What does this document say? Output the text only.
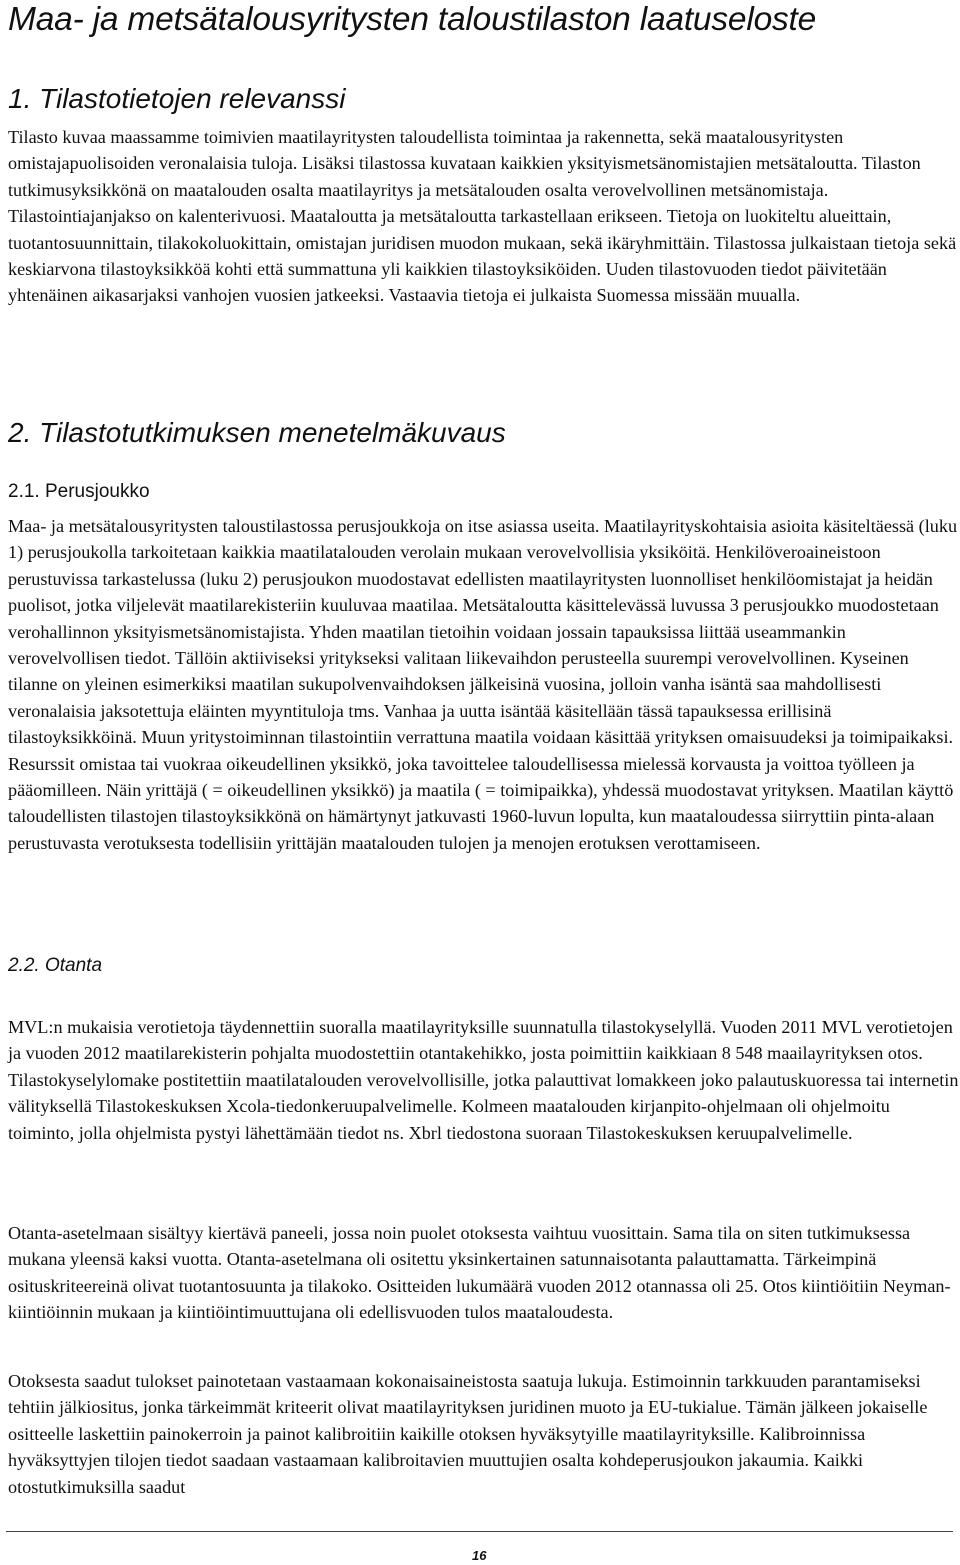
Maa- ja metsätalousyritysten taloustilaston laatuseloste
1. Tilastotietojen relevanssi

Tilasto kuvaa maassamme toimivien maatilayritysten taloudellista toimintaa ja rakennetta, sekä maatalousyritysten omistajapuolisoiden veronalaisia tuloja. Lisäksi tilastossa kuvataan kaikkien yksityismetsänomistajien metsätaloutta. Tilaston tutkimusyksikkönä on maatalouden osalta maatilayritys ja metsätalouden osalta verovelvollinen metsänomistaja. Tilastointiajanjakso on kalenterivuosi. Maataloutta ja metsätaloutta tarkastellaan erikseen. Tietoja on luokiteltu alueittain, tuotantosuunnittain, tilakokoluokittain, omistajan juridisen muodon mukaan, sekä ikäryhmittäin. Tilastossa julkaistaan tietoja sekä keskiarvona tilastoyksikköä kohti että summattuna yli kaikkien tilastoyksiköiden. Uuden tilastovuoden tiedot päivitetään yhtenäinen aikasarjaksi vanhojen vuosien jatkeeksi. Vastaavia tietoja ei julkaista Suomessa missään muualla.

2. Tilastotutkimuksen menetelmäkuvaus
2.1. Perusjoukko

Maa- ja metsätalousyritysten taloustilastossa perusjoukkoja on itse asiassa useita. Maatilayrityskohtaisia asioita käsiteltäessä (luku 1) perusjoukolla tarkoitetaan kaikkia maatilatalouden verolain mukaan verovelvollisia yksiköitä. Henkilöveroaineistoon perustuvissa tarkastelussa (luku 2) perusjoukon muodostavat edellisten maatilayritysten luonnolliset henkilöomistajat ja heidän puolisot, jotka viljelevät maatilarekisteriin kuuluvaa maatilaa. Metsätaloutta käsittelevässä luvussa 3 perusjoukko muodostetaan verohallinnon yksityismetsänomistajista. Yhden maatilan tietoihin voidaan jossain tapauksissa liittää useammankin verovelvollisen tiedot. Tällöin aktiiviseksi yritykseksi valitaan liikevaihdon perusteella suurempi verovelvollinen. Kyseinen tilanne on yleinen esimerkiksi maatilan sukupolvenvaihdoksen jälkeisinä vuosina, jolloin vanha isäntä saa mahdollisesti veronalaisia jaksotettuja eläinten myyntituloja tms. Vanhaa ja uutta isäntää käsitellään tässä tapauksessa erillisinä tilastoyksikköinä. Muun yritystoiminnan tilastointiin verrattuna maatila voidaan käsittää yrityksen omaisuudeksi ja toimipaikaksi. Resurssit omistaa tai vuokraa oikeudellinen yksikkö, joka tavoittelee taloudellisessa mielessä korvausta ja voittoa työlleen ja pääomilleen. Näin yrittäjä ( = oikeudellinen yksikkö) ja maatila ( = toimipaikka), yhdessä muodostavat yrityksen. Maatilan käyttö taloudellisten tilastojen tilastoyksikkönä on hämärtynyt jatkuvasti 1960-luvun lopulta, kun maataloudessa siirryttiin pinta-alaan perustuvasta verotuksesta todellisiin yrittäjän maatalouden tulojen ja menojen erotuksen verottamiseen.

2.2. Otanta

MVL:n mukaisia verotietoja täydennettiin suoralla maatilayrityksille suunnatulla tilastokyselyllä. Vuoden 2011 MVL verotietojen ja vuoden 2012 maatilarekisterin pohjalta muodostettiin otantakehikko, josta poimittiin kaikkiaan 8 548 maailayrityksen otos. Tilastokyselylomake postitettiin maatilatalouden verovelvollisille, jotka palauttivat lomakkeen joko palautuskuoressa tai internetin välityksellä Tilastokeskuksen Xcola-tiedonkeruupalvelimelle. Kolmeen maatalouden kirjanpito-ohjelmaan oli ohjelmoitu toiminto, jolla ohjelmista pystyi lähettämään tiedot ns. Xbrl tiedostona suoraan Tilastokeskuksen keruupalvelimelle.

Otanta-asetelmaan sisältyy kiertävä paneeli, jossa noin puolet otoksesta vaihtuu vuosittain. Sama tila on siten tutkimuksessa mukana yleensä kaksi vuotta. Otanta-asetelmana oli ositettu yksinkertainen satunnaisotanta palauttamatta. Tärkeimpinä osituskriteereinä olivat tuotantosuunta ja tilakoko. Ositteiden lukumäärä vuoden 2012 otannassa oli 25. Otos kiintiöitiin Neyman-kiintiöinnin mukaan ja kiintiöintimuuttujana oli edellisvuoden tulos maataloudesta.

Otoksesta saadut tulokset painotetaan vastaamaan kokonaisaineistosta saatuja lukuja. Estimoinnin tarkkuuden parantamiseksi tehtiin jälkiositus, jonka tärkeimmät kriteerit olivat maatilayrityksen juridinen muoto ja EU-tukialue. Tämän jälkeen jokaiselle ositteelle laskettiin painokerroin ja painot kalibroitiin kaikille otoksen hyväksytyille maatilayrityksille. Kalibroinnissa hyväksyttyjen tilojen tiedot saadaan vastaamaan kalibroitavien muuttujien osalta kohdeperusjoukon jakaumia. Kaikki otostutkimuksilla saadut

16
